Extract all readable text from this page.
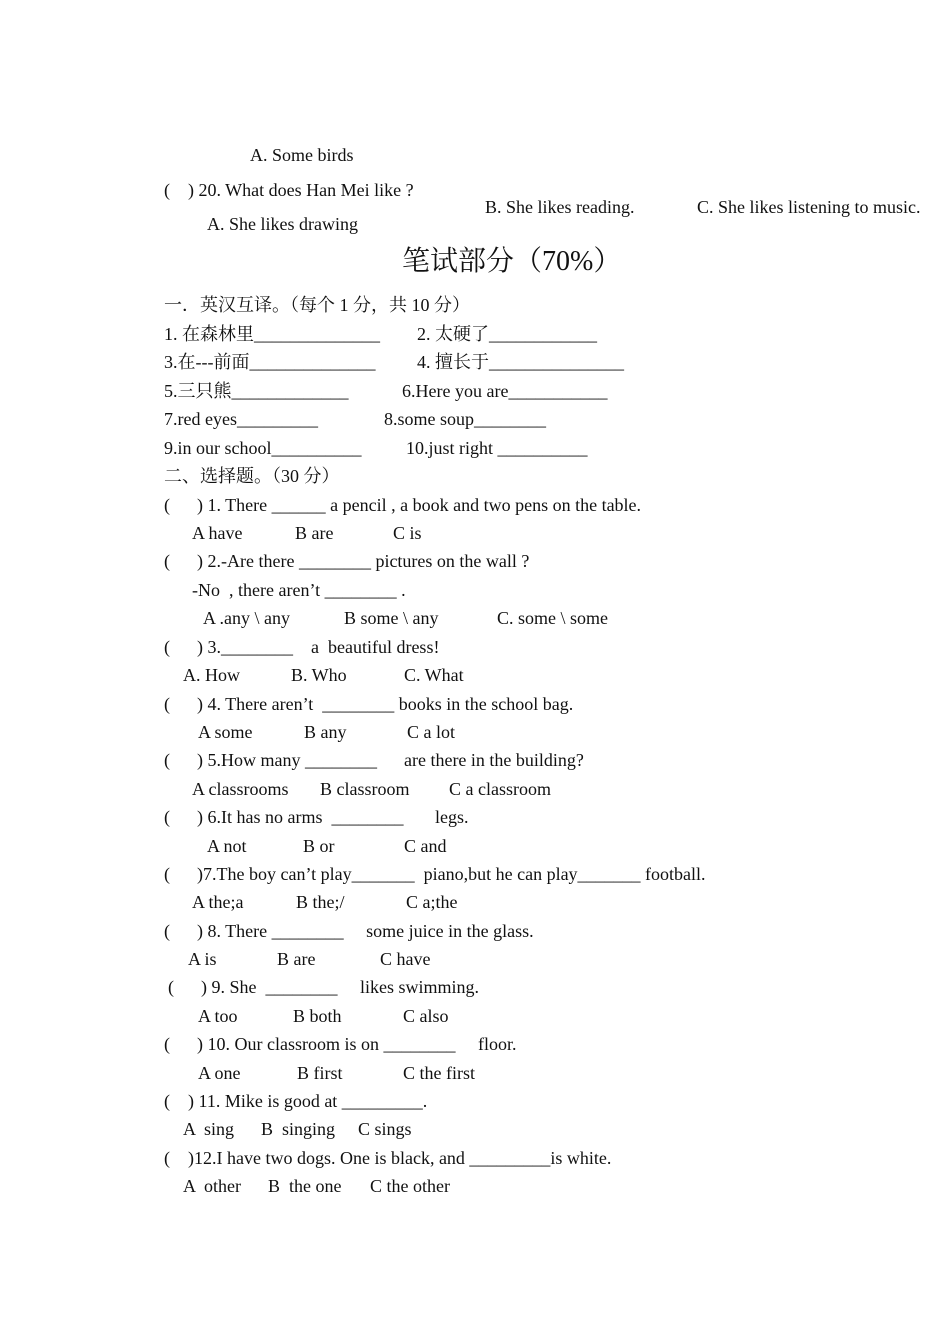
A. Some birds
(    ) 20. What does Han Mei like ?
B. She likes reading.	C. She likes listening to music.
A. She likes drawing
笔试部分（70%）
一．英汉互译。（每个 1 分，共 10 分）
1. 在森林里______________ 2. 太硬了____________
3.在---前面______________ 4. 擅长于_______________
5.三只熊_____________	6.Here you are___________
7.red eyes_________	8.some soup________
9.in our school__________ 10.just right __________
二、选择题。（30 分）
(      ) 1. There ______ a pencil , a book and two pens on the table.
A have	B are	C is
(      ) 2.-Are there ________ pictures on the wall ?
-No  , there aren’t ________ .
A .any \ any	B some \ any	C. some \ some
(      ) 3.________    a  beautiful dress!
A. How	B. Who	C. What
(      ) 4. There aren’t  ________ books in the school bag.
A some	B any	C a lot
(      ) 5.How many ________      are there in the building?
A classrooms B classroom C a classroom
(      ) 6.It has no arms  ________       legs.
A not	B or	C and
(      )7.The boy can’t play_______  piano,but he can play_______ football.
A the;a	B the;/	C a;the
(      ) 8. There ________     some juice in the glass.
A is	B are	C have
(      ) 9. She  ________     likes swimming.
A too	B both	C also
(      ) 10. Our classroom is on ________     floor.
A one	B first	C the first
(    ) 11. Mike is good at _________.
A  sing B  singing C sings
(    )12.I have two dogs. One is black, and _________is white.
A  other B  the one C the other
